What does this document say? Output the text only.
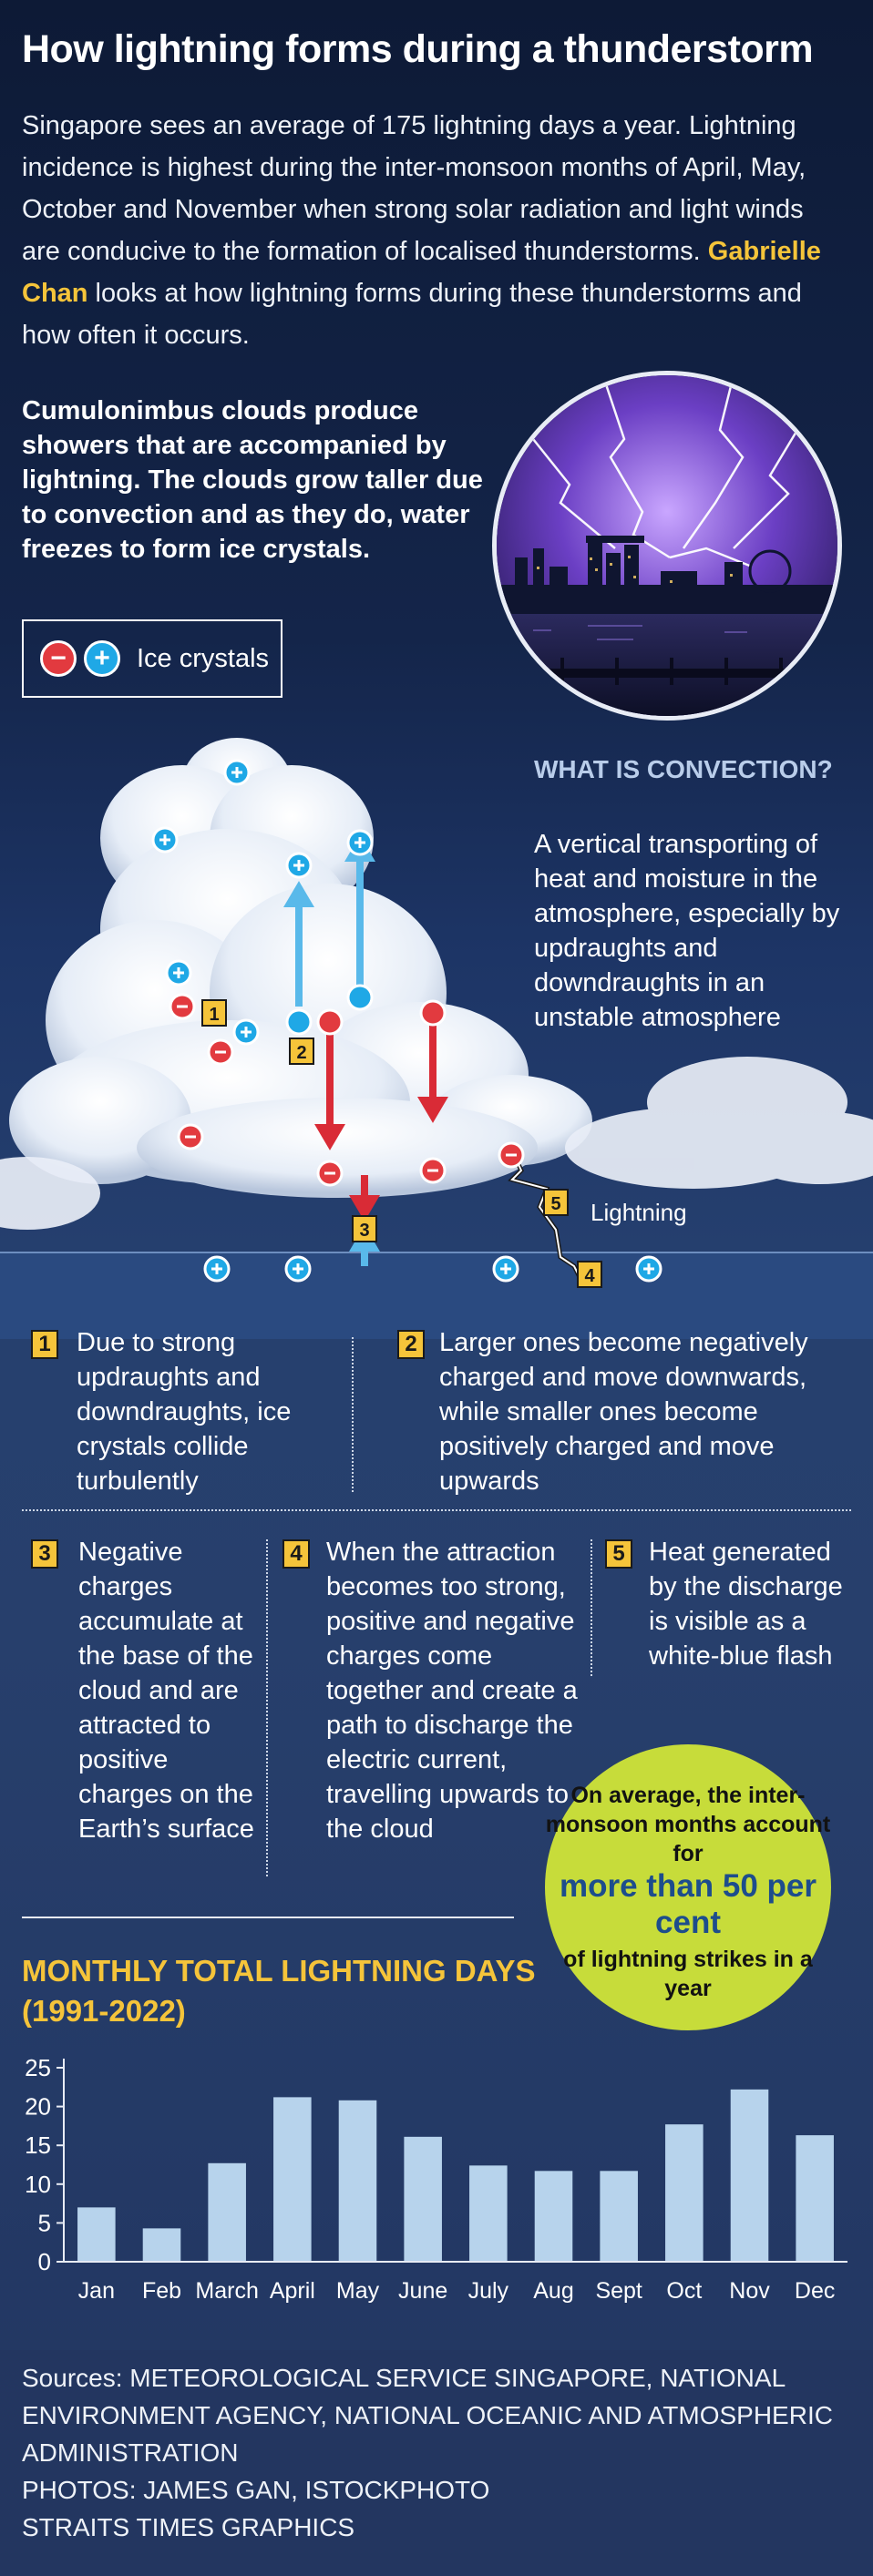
How lightning forms during a thunderstorm
Singapore sees an average of 175 lightning days a year. Lightning incidence is highest during the inter-monsoon months of April, May, October and November when strong solar radiation and light winds are conducive to the formation of localised thunderstorms. Gabrielle Chan looks at how lightning forms during these thunderstorms and how often it occurs.
Cumulonimbus clouds produce showers that are accompanied by lightning. The clouds grow taller due to convection and as they do, water freezes to form ice crystals.
−	+	Ice crystals
1
2
3
4
5 Lightning
WHAT IS CONVECTION?
A vertical transporting of heat and moisture in the atmosphere, especially by updraughts and downdraughts in an unstable atmosphere
1 Due to strong updraughts and downdraughts, ice crystals collide turbulently
2 Larger ones become negatively charged and move downwards, while smaller ones become positively charged and move upwards
3 Negative charges accumulate at the base of the cloud and are attracted to positive charges on the Earth’s surface
4 When the attraction becomes too strong, positive and negative charges come together and create a path to discharge the electric current, travelling upwards to the cloud
5 Heat generated by the discharge is visible as a white-blue flash
On average, the inter-monsoon months account for
more than 50 per cent
of lightning strikes in a year
MONTHLY TOTAL LIGHTNING DAYS (1991-2022)
0
5
10
15
20
25
Jan Feb March April May June July Aug Sept Oct Nov Dec
Sources: METEOROLOGICAL SERVICE SINGAPORE, NATIONAL ENVIRONMENT AGENCY, NATIONAL OCEANIC AND ATMOSPHERIC ADMINISTRATION
PHOTOS: JAMES GAN, ISTOCKPHOTO
STRAITS TIMES GRAPHICS
